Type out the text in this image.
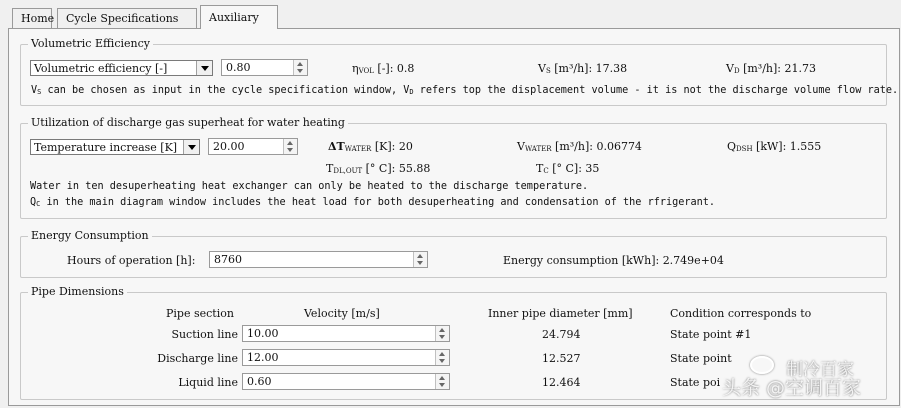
Home	Cycle Specifications	Auxiliary
Volumetric Efficiency
Volumetric efficiency [-]	0.80	$\eta_{VOL}$ [-]: 0.8	$V_S$ [m³/h]: 17.38	$V_D$ [m³/h]: 21.73
$V_S$ can be chosen as input in the cycle specification window, $V_D$ refers top the displacement volume - it is not the discharge volume flow rate.
Utilization of discharge gas superheat for water heating
Temperature increase [K]	20.00	$\Delta T_{WATER}$ [K]: 20	$V_{WATER}$ [m³/h]: 0.06774	$Q_{DSH}$ [kW]: 1.555
$T_{DL,OUT}$ [° C]: 55.88	$T_C$ [° C]: 35
Water in ten desuperheating heat exchanger can only be heated to the discharge temperature.
$Q_C$ in the main diagram window includes the heat load for both desuperheating and condensation of the rfrigerant.
Energy Consumption
Hours of operation [h]:	8760	Energy consumption [kWh]: 2.749e+04
Pipe Dimensions
Pipe section	Velocity [m/s]	Inner pipe diameter [mm]	Condition corresponds to
Suction line 10.00	24.794	State point #1
Discharge line 12.00	12.527	State point
Liquid line 0.60	12.464	State poi
制冷百家
头条 @空调百家
